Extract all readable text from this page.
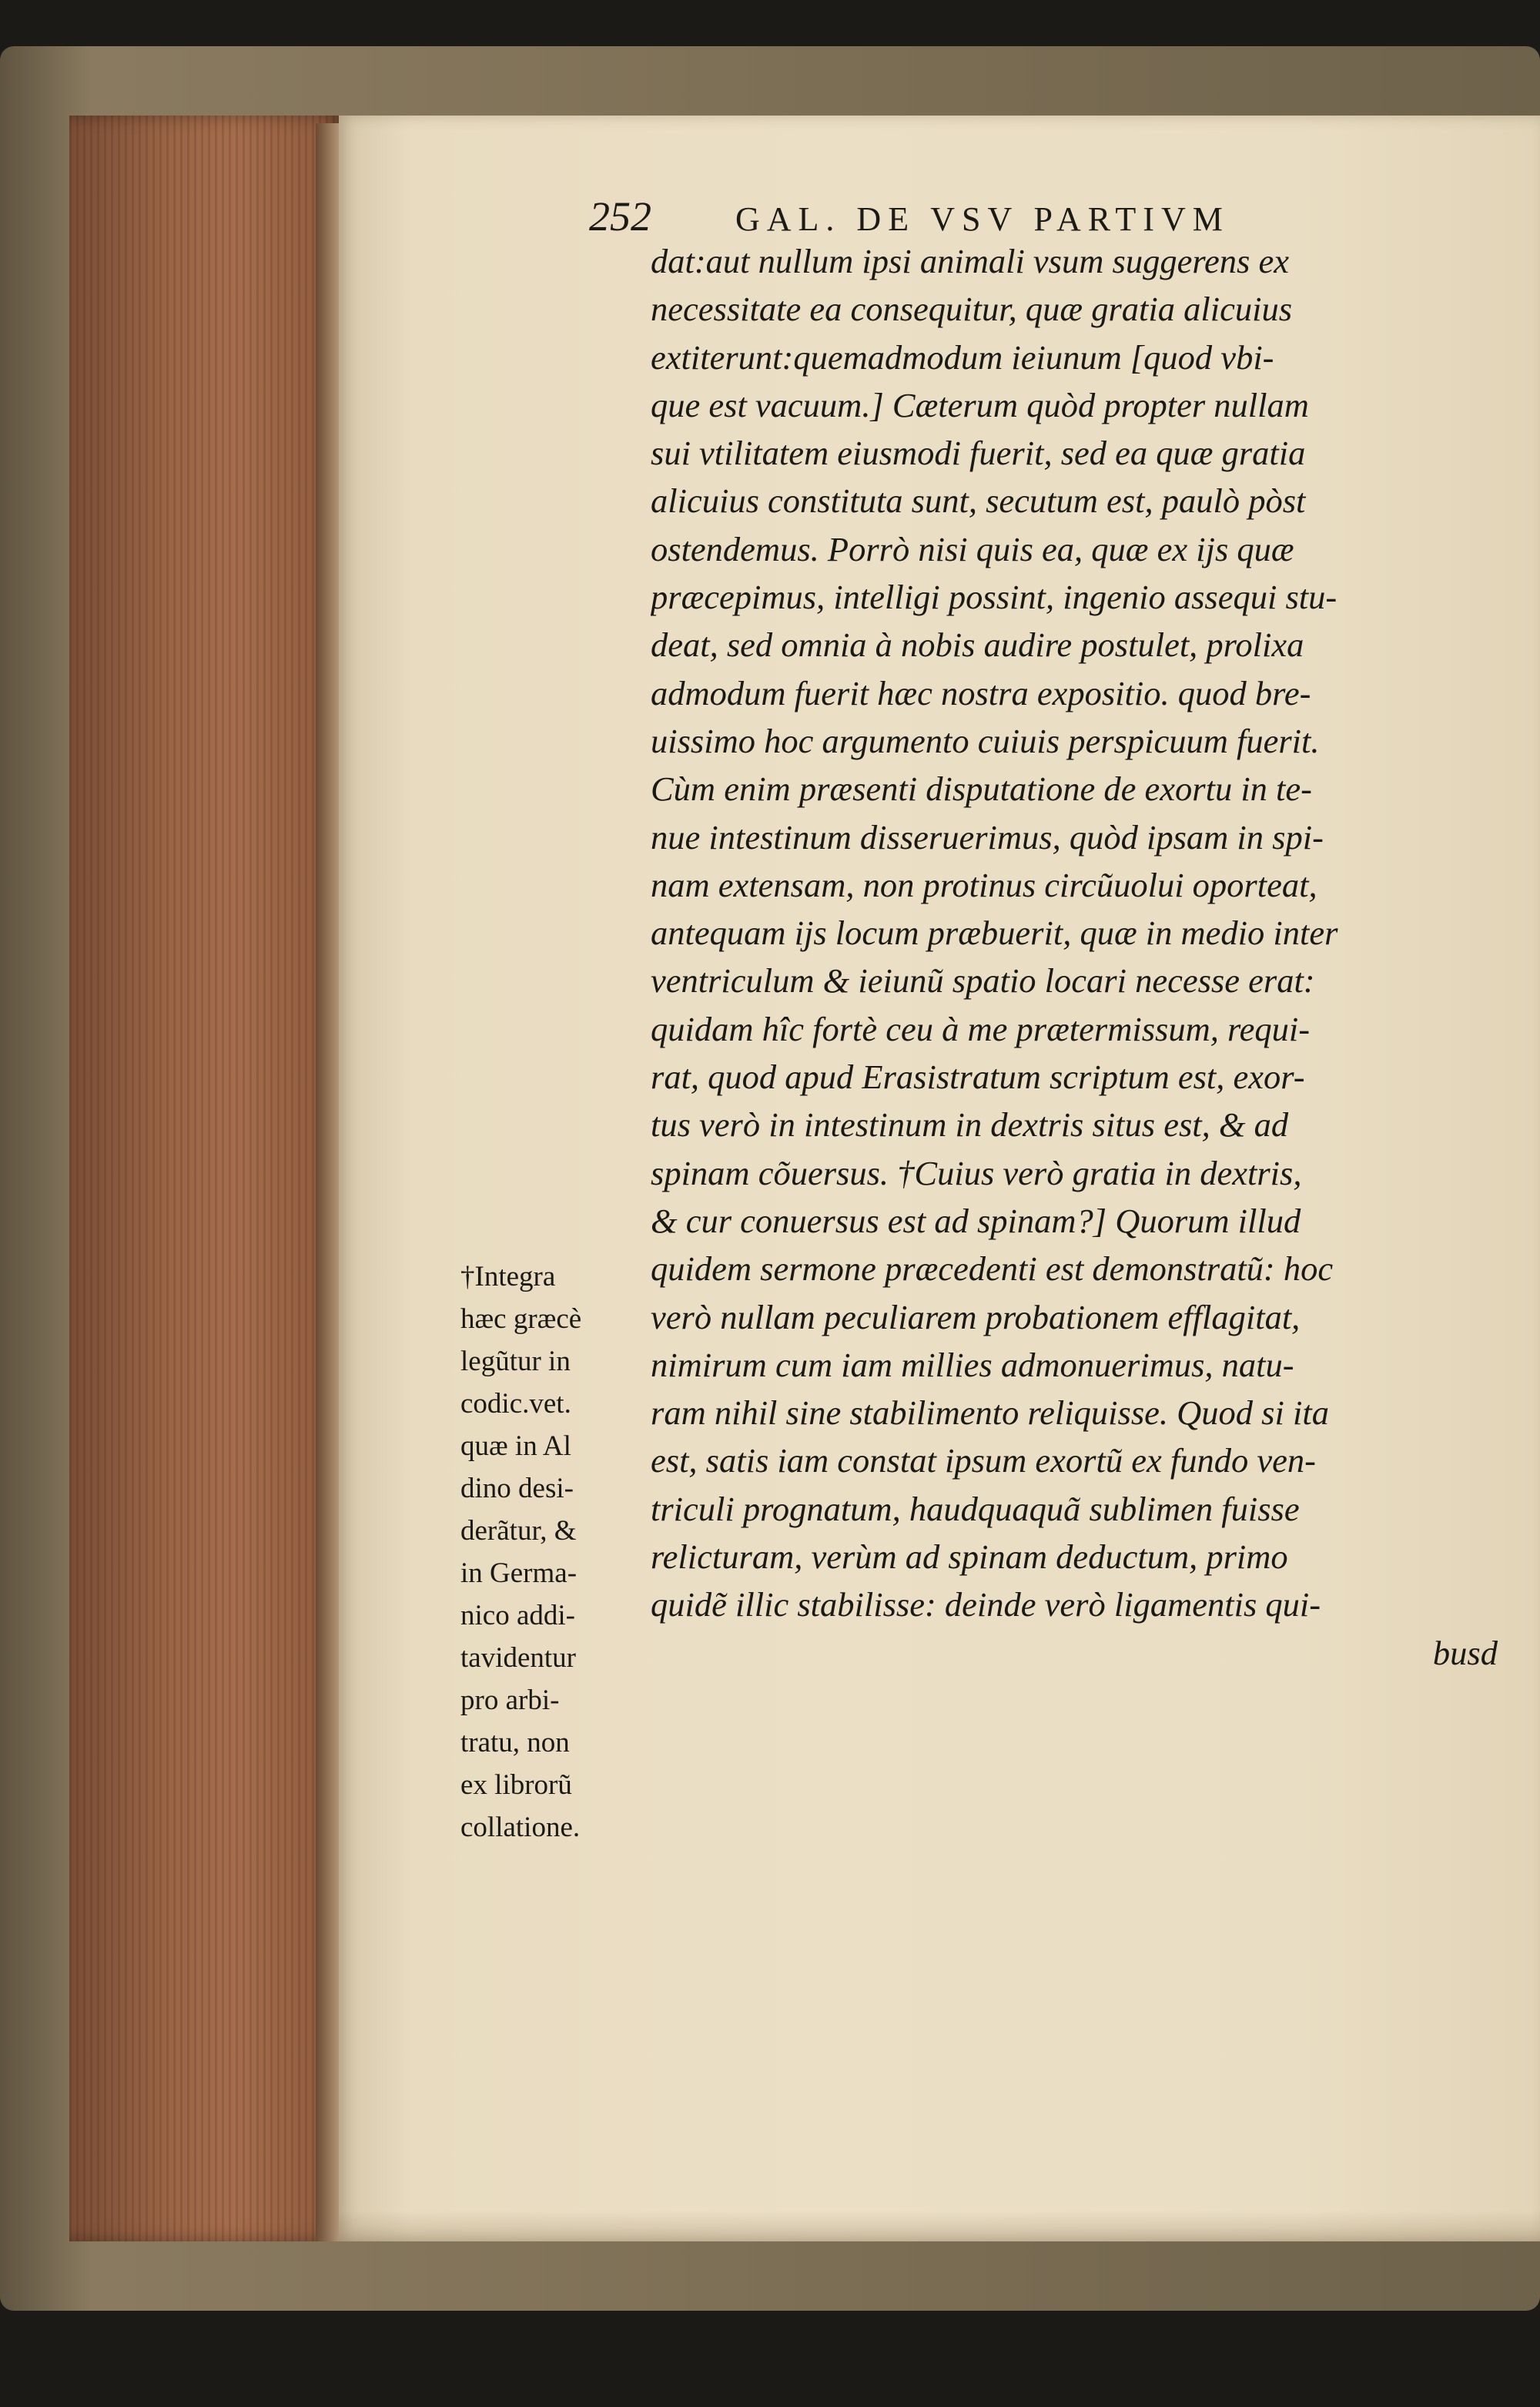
252	GAL. DE VSV PARTIVM
dat:aut nullum ipsi animali vsum suggerens ex
necessitate ea consequitur, quæ gratia alicuius
extiterunt:quemadmodum ieiunum [quod vbi-
que est vacuum.] Cæterum quòd propter nullam
sui vtilitatem eiusmodi fuerit, sed ea quæ gratia
alicuius constituta sunt, secutum est, paulò pòst
ostendemus. Porrò nisi quis ea, quæ ex ijs quæ
præcepimus, intelligi possint, ingenio assequi stu-
deat, sed omnia à nobis audire postulet, prolixa
admodum fuerit hæc nostra expositio. quod bre-
uissimo hoc argumento cuiuis perspicuum fuerit.
Cùm enim præsenti disputatione de exortu in te-
nue intestinum disseruerimus, quòd ipsam in spi-
nam extensam, non protinus circũuolui oporteat,
antequam ijs locum præbuerit, quæ in medio inter
ventriculum & ieiunũ spatio locari necesse erat:
quidam hîc fortè ceu à me prætermissum, requi-
rat, quod apud Erasistratum scriptum est, exor-
tus verò in intestinum in dextris situs est, & ad
spinam cõuersus. †Cuius verò gratia in dextris,
& cur conuersus est ad spinam?] Quorum illud
quidem sermone præcedenti est demonstratũ: hoc
verò nullam peculiarem probationem efflagitat,
nimirum cum iam millies admonuerimus, natu-
ram nihil sine stabilimento reliquisse. Quod si ita
est, satis iam constat ipsum exortũ ex fundo ven-
triculi prognatum, haudquaquã sublimen fuisse
relicturam, verùm ad spinam deductum, primo
quidẽ illic stabilisse: deinde verò ligamentis qui-
busd
†Integra
hæc græcè
legũtur in
codic.vet.
quæ in Al
dino desi-
derãtur, &
in Germa-
nico addi-
tavidentur
pro arbi-
tratu, non
ex librorũ
collatione.
